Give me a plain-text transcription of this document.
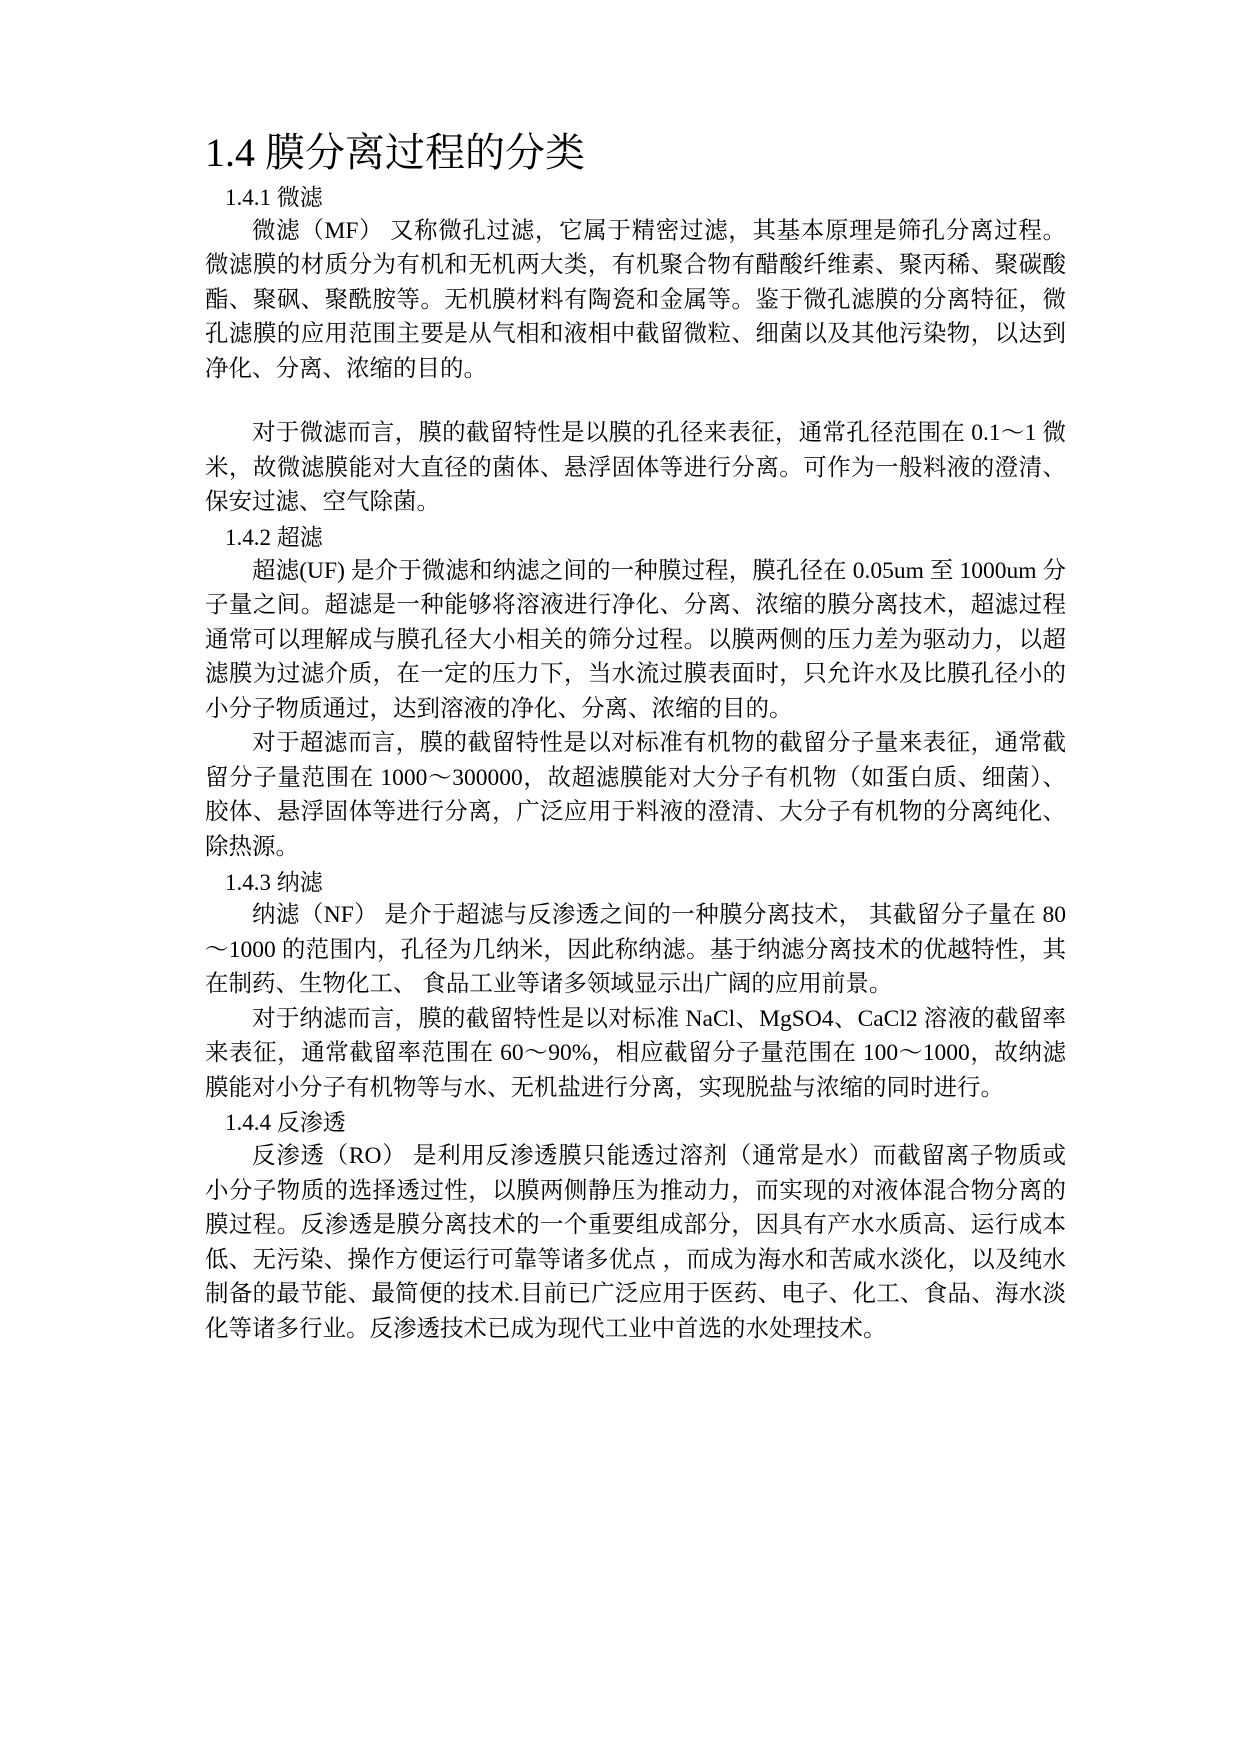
1.4 膜分离过程的分类
1.4.1 微滤

微滤（MF） 又称微孔过滤，它属于精密过滤，其基本原理是筛孔分离过程。微滤膜的材质分为有机和无机两大类，有机聚合物有醋酸纤维素、聚丙稀、聚碳酸酯、聚砜、聚酰胺等。无机膜材料有陶瓷和金属等。鉴于微孔滤膜的分离特征，微孔滤膜的应用范围主要是从气相和液相中截留微粒、细菌以及其他污染物，以达到净化、分离、浓缩的目的。

对于微滤而言，膜的截留特性是以膜的孔径来表征，通常孔径范围在 0.1～1 微米，故微滤膜能对大直径的菌体、悬浮固体等进行分离。可作为一般料液的澄清、保安过滤、空气除菌。

1.4.2 超滤

超滤(UF) 是介于微滤和纳滤之间的一种膜过程，膜孔径在 0.05um 至 1000um 分子量之间。超滤是一种能够将溶液进行净化、分离、浓缩的膜分离技术，超滤过程通常可以理解成与膜孔径大小相关的筛分过程。以膜两侧的压力差为驱动力，以超滤膜为过滤介质，在一定的压力下，当水流过膜表面时，只允许水及比膜孔径小的小分子物质通过，达到溶液的净化、分离、浓缩的目的。

对于超滤而言，膜的截留特性是以对标准有机物的截留分子量来表征，通常截留分子量范围在 1000～300000，故超滤膜能对大分子有机物（如蛋白质、细菌）、胶体、悬浮固体等进行分离，广泛应用于料液的澄清、大分子有机物的分离纯化、除热源。

1.4.3 纳滤

纳滤（NF） 是介于超滤与反渗透之间的一种膜分离技术， 其截留分子量在 80～1000 的范围内，孔径为几纳米，因此称纳滤。基于纳滤分离技术的优越特性，其在制药、生物化工、 食品工业等诸多领域显示出广阔的应用前景。

对于纳滤而言，膜的截留特性是以对标准 NaCl、MgSO4、CaCl2 溶液的截留率来表征，通常截留率范围在 60～90%，相应截留分子量范围在 100～1000，故纳滤膜能对小分子有机物等与水、无机盐进行分离，实现脱盐与浓缩的同时进行。

1.4.4 反渗透

反渗透（RO） 是利用反渗透膜只能透过溶剂（通常是水）而截留离子物质或小分子物质的选择透过性，以膜两侧静压为推动力，而实现的对液体混合物分离的膜过程。反渗透是膜分离技术的一个重要组成部分，因具有产水水质高、运行成本低、无污染、操作方便运行可靠等诸多优点 ，而成为海水和苦咸水淡化，以及纯水制备的最节能、最简便的技术.目前已广泛应用于医药、电子、化工、食品、海水淡化等诸多行业。反渗透技术已成为现代工业中首选的水处理技术。
